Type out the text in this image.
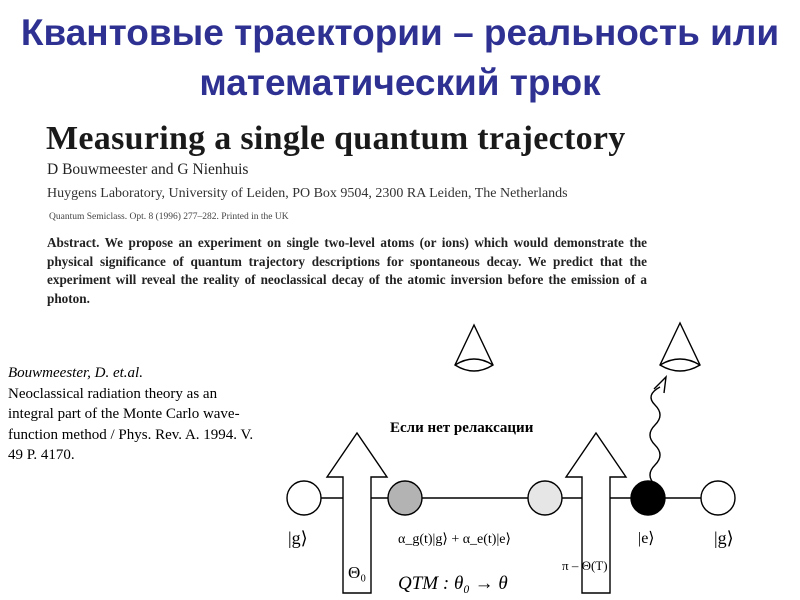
Квантовые траектории – реальность или математический трюк
Measuring a single quantum trajectory
D Bouwmeester and G Nienhuis
Huygens Laboratory, University of Leiden, PO Box 9504, 2300 RA Leiden, The Netherlands
Quantum Semiclass. Opt. 8 (1996) 277–282. Printed in the UK
Abstract. We propose an experiment on single two-level atoms (or ions) which would demonstrate the physical significance of quantum trajectory descriptions for spontaneous decay. We predict that the experiment will reveal the reality of neoclassical decay of the atomic inversion before the emission of a photon.
Bouwmeester, D. et.al.
Neoclassical radiation theory as an integral part of the Monte Carlo wave-function method / Phys. Rev. A. 1994. V. 49 P. 4170.
Если нет релаксации
|g⟩	α_g(t)|g⟩ + α_e(t)|e⟩	|e⟩	|g⟩
Θ₀	π – Θ(T)
QTM : θ₀ → θ
